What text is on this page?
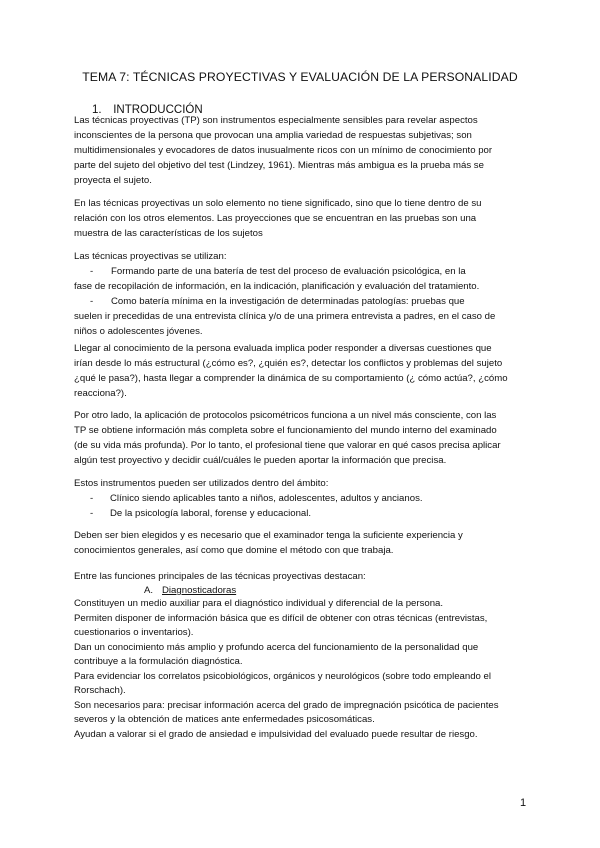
TEMA 7: TÉCNICAS PROYECTIVAS Y EVALUACIÓN DE LA PERSONALIDAD
1. INTRODUCCIÓN

Las técnicas proyectivas (TP) son instrumentos especialmente sensibles para revelar aspectos

inconscientes de la persona que provocan una amplia variedad de respuestas subjetivas; son

multidimensionales y evocadores de datos inusualmente ricos con un mínimo de conocimiento por

parte del sujeto del objetivo del test (Lindzey, 1961). Mientras más ambigua es la prueba más se

proyecta el sujeto.

En las técnicas proyectivas un solo elemento no tiene significado, sino que lo tiene dentro de su

relación con los otros elementos. Las proyecciones que se encuentran en las pruebas son una

muestra de las características de los sujetos

Las técnicas proyectivas se utilizan:

- Formando parte de una batería de test del proceso de evaluación psicológica, en la

fase de recopilación de información, en la indicación, planificación y evaluación del tratamiento.

- Como batería mínima en la investigación de determinadas patologías: pruebas que

suelen ir precedidas de una entrevista clínica y/o de una primera entrevista a padres, en el caso de

niños o adolescentes jóvenes.

Llegar al conocimiento de la persona evaluada implica poder responder a diversas cuestiones que

irían desde lo más estructural (¿cómo es?, ¿quién es?, detectar los conflictos y problemas del sujeto

¿qué le pasa?), hasta llegar a comprender la dinámica de su comportamiento (¿ cómo actúa?, ¿cómo

reacciona?).

Por otro lado, la aplicación de protocolos psicométricos funciona a un nivel más consciente, con las

TP se obtiene información más completa sobre el funcionamiento del mundo interno del examinado

(de su vida más profunda). Por lo tanto, el profesional tiene que valorar en qué casos precisa aplicar

algún test proyectivo y decidir cuál/cuáles le pueden aportar la información que precisa.

Estos instrumentos pueden ser utilizados dentro del ámbito:

- Clínico siendo aplicables tanto a niños, adolescentes, adultos y ancianos.

- De la psicología laboral, forense y educacional.

Deben ser bien elegidos y es necesario que el examinador tenga la suficiente experiencia y

conocimientos generales, así como que domine el método con que trabaja.

Entre las funciones principales de las técnicas proyectivas destacan:

A. Diagnosticadoras

Constituyen un medio auxiliar para el diagnóstico individual y diferencial de la persona.

Permiten disponer de información básica que es difícil de obtener con otras técnicas (entrevistas,

cuestionarios o inventarios).

Dan un conocimiento más amplio y profundo acerca del funcionamiento de la personalidad que

contribuye a la formulación diagnóstica.

Para evidenciar los correlatos psicobiológicos, orgánicos y neurológicos (sobre todo empleando el

Rorschach).

Son necesarios para: precisar información acerca del grado de impregnación psicótica de pacientes

severos y la obtención de matices ante enfermedades psicosomáticas.

Ayudan a valorar si el grado de ansiedad e impulsividad del evaluado puede resultar de riesgo.

1
